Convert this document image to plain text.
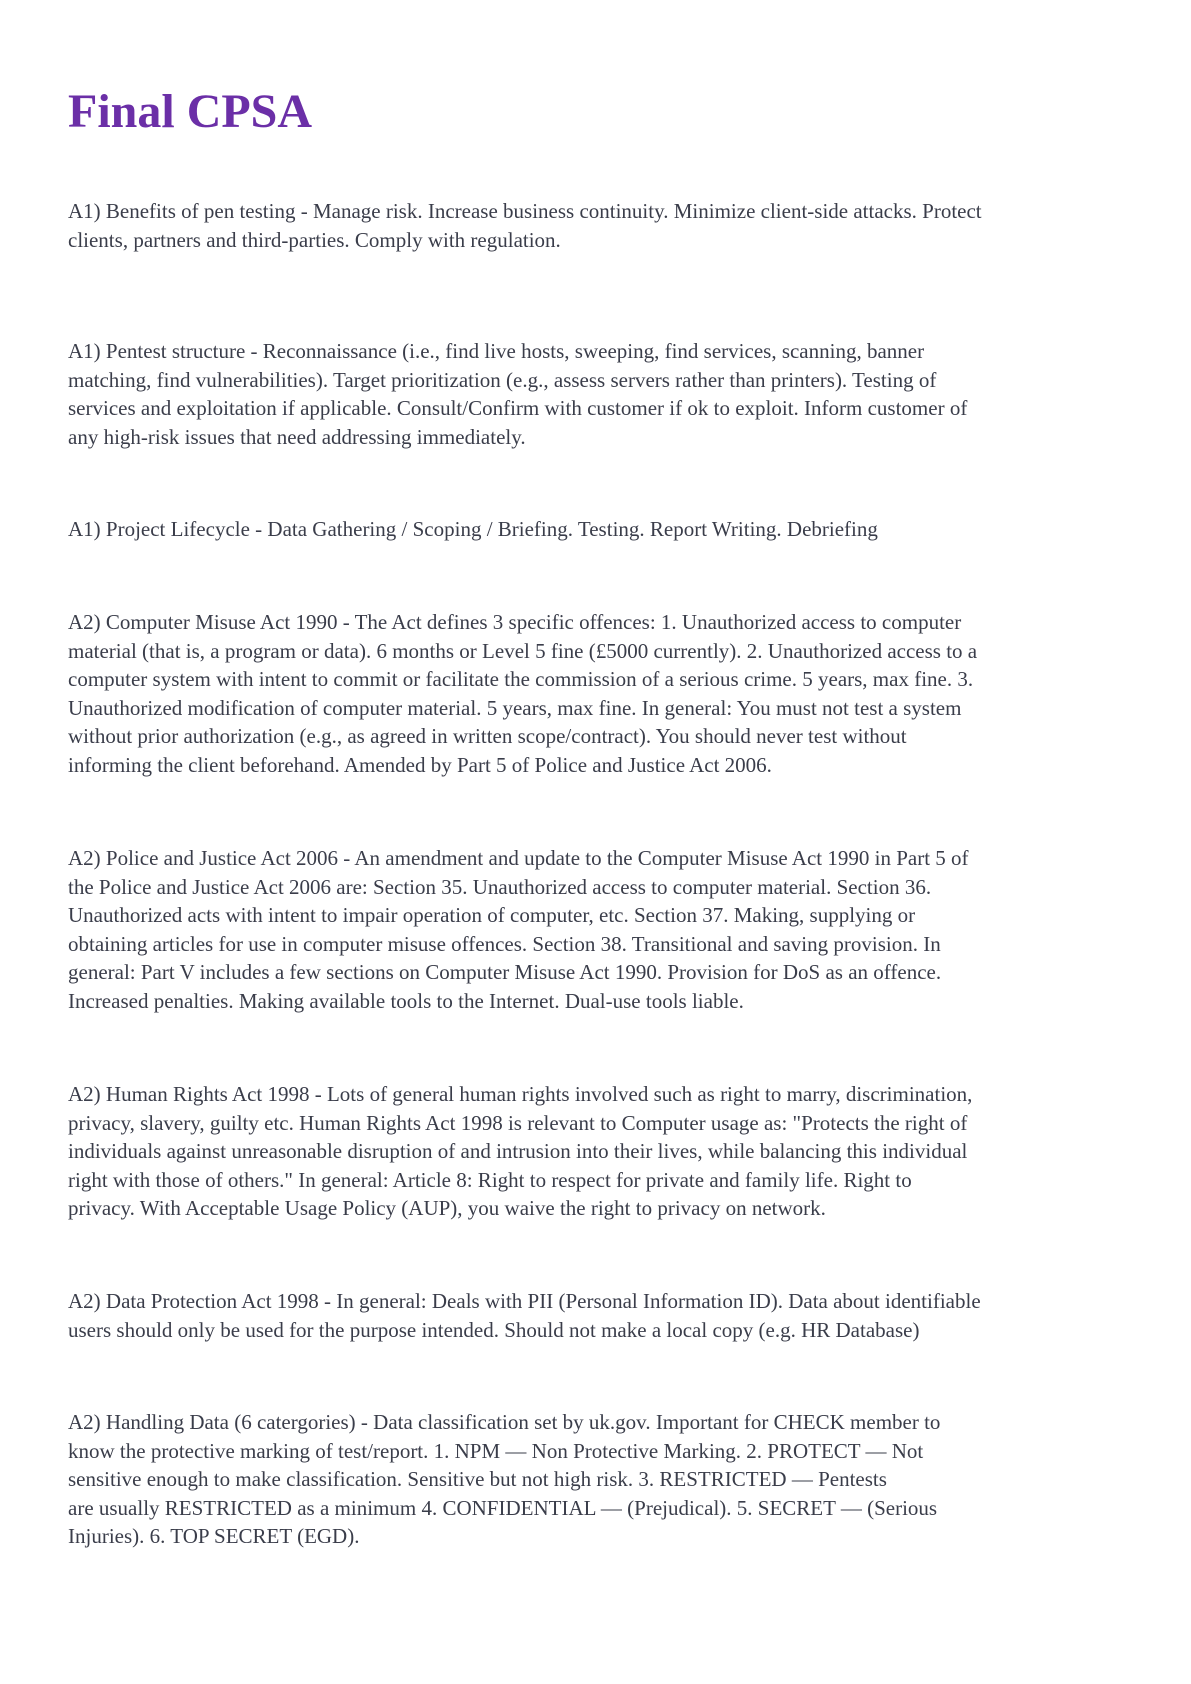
Final CPSA
A1) Benefits of pen testing - Manage risk. Increase business continuity. Minimize client-side attacks. Protect
clients, partners and third-parties. Comply with regulation.
A1) Pentest structure - Reconnaissance (i.e., find live hosts, sweeping, find services, scanning, banner
matching, find vulnerabilities). Target prioritization (e.g., assess servers rather than printers). Testing of
services and exploitation if applicable. Consult/Confirm with customer if ok to exploit. Inform customer of
any high-risk issues that need addressing immediately.
A1) Project Lifecycle - Data Gathering / Scoping / Briefing. Testing. Report Writing. Debriefing
A2) Computer Misuse Act 1990 - The Act defines 3 specific offences: 1. Unauthorized access to computer
material (that is, a program or data). 6 months or Level 5 fine (£5000 currently). 2. Unauthorized access to a
computer system with intent to commit or facilitate the commission of a serious crime. 5 years, max fine. 3.
Unauthorized modification of computer material. 5 years, max fine. In general: You must not test a system
without prior authorization (e.g., as agreed in written scope/contract). You should never test without
informing the client beforehand. Amended by Part 5 of Police and Justice Act 2006.
A2) Police and Justice Act 2006 - An amendment and update to the Computer Misuse Act 1990 in Part 5 of
the Police and Justice Act 2006 are: Section 35. Unauthorized access to computer material. Section 36.
Unauthorized acts with intent to impair operation of computer, etc. Section 37. Making, supplying or
obtaining articles for use in computer misuse offences. Section 38. Transitional and saving provision. In
general: Part V includes a few sections on Computer Misuse Act 1990. Provision for DoS as an offence.
Increased penalties. Making available tools to the Internet. Dual-use tools liable.
A2) Human Rights Act 1998 - Lots of general human rights involved such as right to marry, discrimination,
privacy, slavery, guilty etc. Human Rights Act 1998 is relevant to Computer usage as: "Protects the right of
individuals against unreasonable disruption of and intrusion into their lives, while balancing this individual
right with those of others." In general: Article 8: Right to respect for private and family life. Right to
privacy. With Acceptable Usage Policy (AUP), you waive the right to privacy on network.
A2) Data Protection Act 1998 - In general: Deals with PII (Personal Information ID). Data about identifiable
users should only be used for the purpose intended. Should not make a local copy (e.g. HR Database)
A2) Handling Data (6 catergories) - Data classification set by uk.gov. Important for CHECK member to
know the protective marking of test/report. 1. NPM — Non Protective Marking. 2. PROTECT — Not
sensitive enough to make classification. Sensitive but not high risk. 3. RESTRICTED — Pentests
are usually RESTRICTED as a minimum 4. CONFIDENTIAL — (Prejudical). 5. SECRET — (Serious
Injuries). 6. TOP SECRET (EGD).
